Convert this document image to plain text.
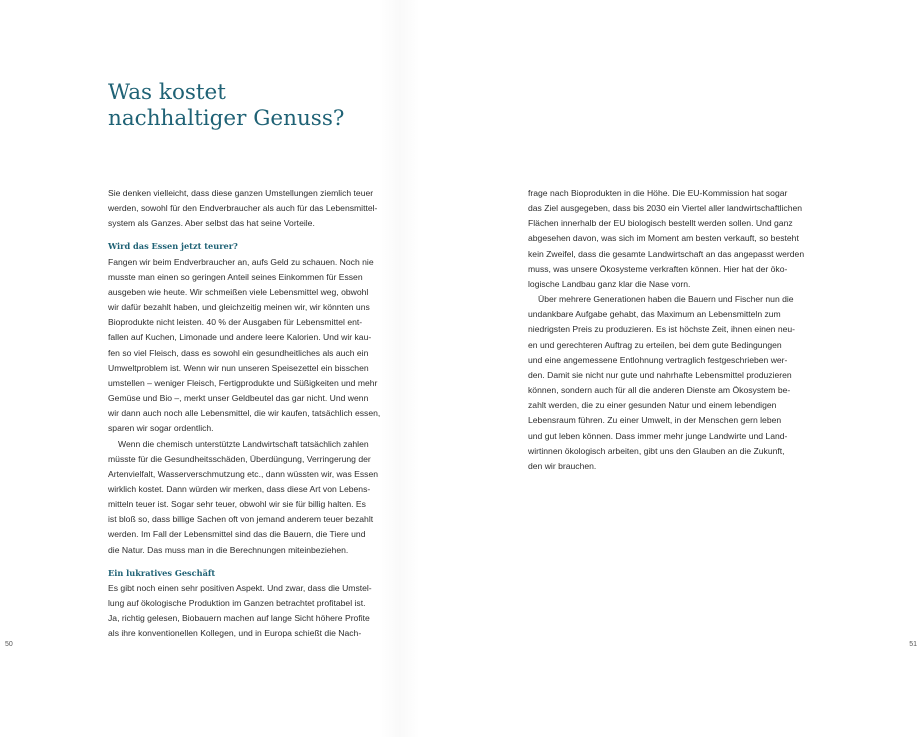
Was kostet
nachhaltiger Genuss?
Sie denken vielleicht, dass diese ganzen Umstellungen ziemlich teuer
werden, sowohl für den Endverbraucher als auch für das Lebensmittel-
system als Ganzes. Aber selbst das hat seine Vorteile.
Wird das Essen jetzt teurer?
Fangen wir beim Endverbraucher an, aufs Geld zu schauen. Noch nie
musste man einen so geringen Anteil seines Einkommen für Essen
ausgeben wie heute. Wir schmeißen viele Lebensmittel weg, obwohl
wir dafür bezahlt haben, und gleichzeitig meinen wir, wir könnten uns
Bioprodukte nicht leisten. 40 % der Ausgaben für Lebensmittel ent-
fallen auf Kuchen, Limonade und andere leere Kalorien. Und wir kau-
fen so viel Fleisch, dass es sowohl ein gesundheitliches als auch ein
Umweltproblem ist. Wenn wir nun unseren Speisezettel ein bisschen
umstellen – weniger Fleisch, Fertigprodukte und Süßigkeiten und mehr
Gemüse und Bio –, merkt unser Geldbeutel das gar nicht. Und wenn
wir dann auch noch alle Lebensmittel, die wir kaufen, tatsächlich essen,
sparen wir sogar ordentlich.
Wenn die chemisch unterstützte Landwirtschaft tatsächlich zahlen
müsste für die Gesundheitsschäden, Überdüngung, Verringerung der
Artenvielfalt, Wasserverschmutzung etc., dann wüssten wir, was Essen
wirklich kostet. Dann würden wir merken, dass diese Art von Lebens-
mitteln teuer ist. Sogar sehr teuer, obwohl wir sie für billig halten. Es
ist bloß so, dass billige Sachen oft von jemand anderem teuer bezahlt
werden. Im Fall der Lebensmittel sind das die Bauern, die Tiere und
die Natur. Das muss man in die Berechnungen miteinbeziehen.
Ein lukratives Geschäft
Es gibt noch einen sehr positiven Aspekt. Und zwar, dass die Umstel-
lung auf ökologische Produktion im Ganzen betrachtet profitabel ist.
Ja, richtig gelesen, Biobauern machen auf lange Sicht höhere Profite
als ihre konventionellen Kollegen, und in Europa schießt die Nach-
frage nach Bioprodukten in die Höhe. Die EU-Kommission hat sogar
das Ziel ausgegeben, dass bis 2030 ein Viertel aller landwirtschaftlichen
Flächen innerhalb der EU biologisch bestellt werden sollen. Und ganz
abgesehen davon, was sich im Moment am besten verkauft, so besteht
kein Zweifel, dass die gesamte Landwirtschaft an das angepasst werden
muss, was unsere Ökosysteme verkraften können. Hier hat der öko-
logische Landbau ganz klar die Nase vorn.
Über mehrere Generationen haben die Bauern und Fischer nun die
undankbare Aufgabe gehabt, das Maximum an Lebensmitteln zum
niedrigsten Preis zu produzieren. Es ist höchste Zeit, ihnen einen neu-
en und gerechteren Auftrag zu erteilen, bei dem gute Bedingungen
und eine angemessene Entlohnung vertraglich festgeschrieben wer-
den. Damit sie nicht nur gute und nahrhafte Lebensmittel produzieren
können, sondern auch für all die anderen Dienste am Ökosystem be-
zahlt werden, die zu einer gesunden Natur und einem lebendigen
Lebensraum führen. Zu einer Umwelt, in der Menschen gern leben
und gut leben können. Dass immer mehr junge Landwirte und Land-
wirtinnen ökologisch arbeiten, gibt uns den Glauben an die Zukunft,
den wir brauchen.
50	51
